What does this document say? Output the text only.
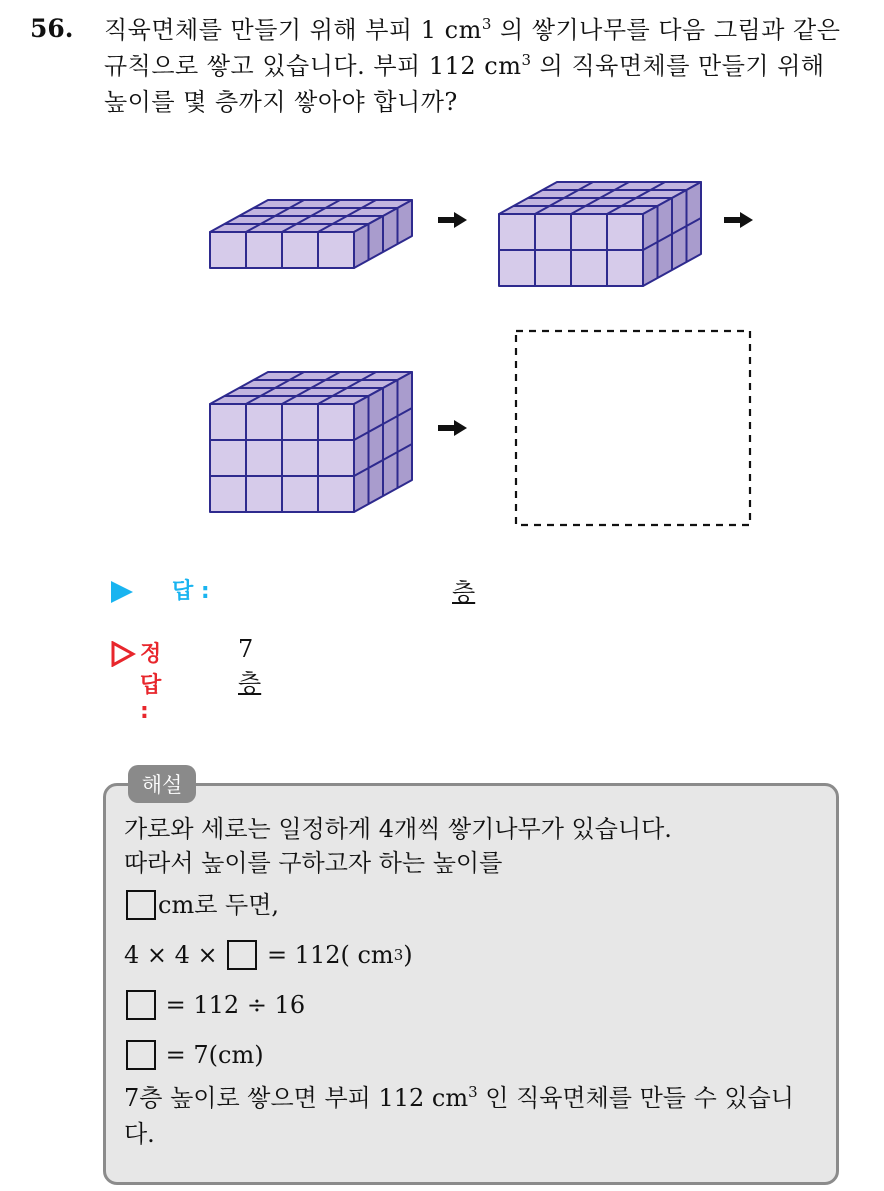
56. 직육면체를 만들기 위해 부피 1 $cm^3$ 의 쌓기나무를 다음 그림과 같은
규칙으로 쌓고 있습니다. 부피 112 $cm^3$ 의 직육면체를 만들기 위해
높이를 몇 층까지 쌓아야 합니까?
답 :	층
정답 :
7층
해설
가로와 세로는 일정하게 4개씩 쌓기나무가 있습니다.
따라서 높이를 구하고자 하는 높이를
cm로 두면,
4 × 4 ×

= 112( cm 3 )

= 112 ÷ 16

= 7(cm)
7층 높이로 쌓으면 부피 112 $cm^3$ 인 직육면체를 만들 수 있습니
다.
